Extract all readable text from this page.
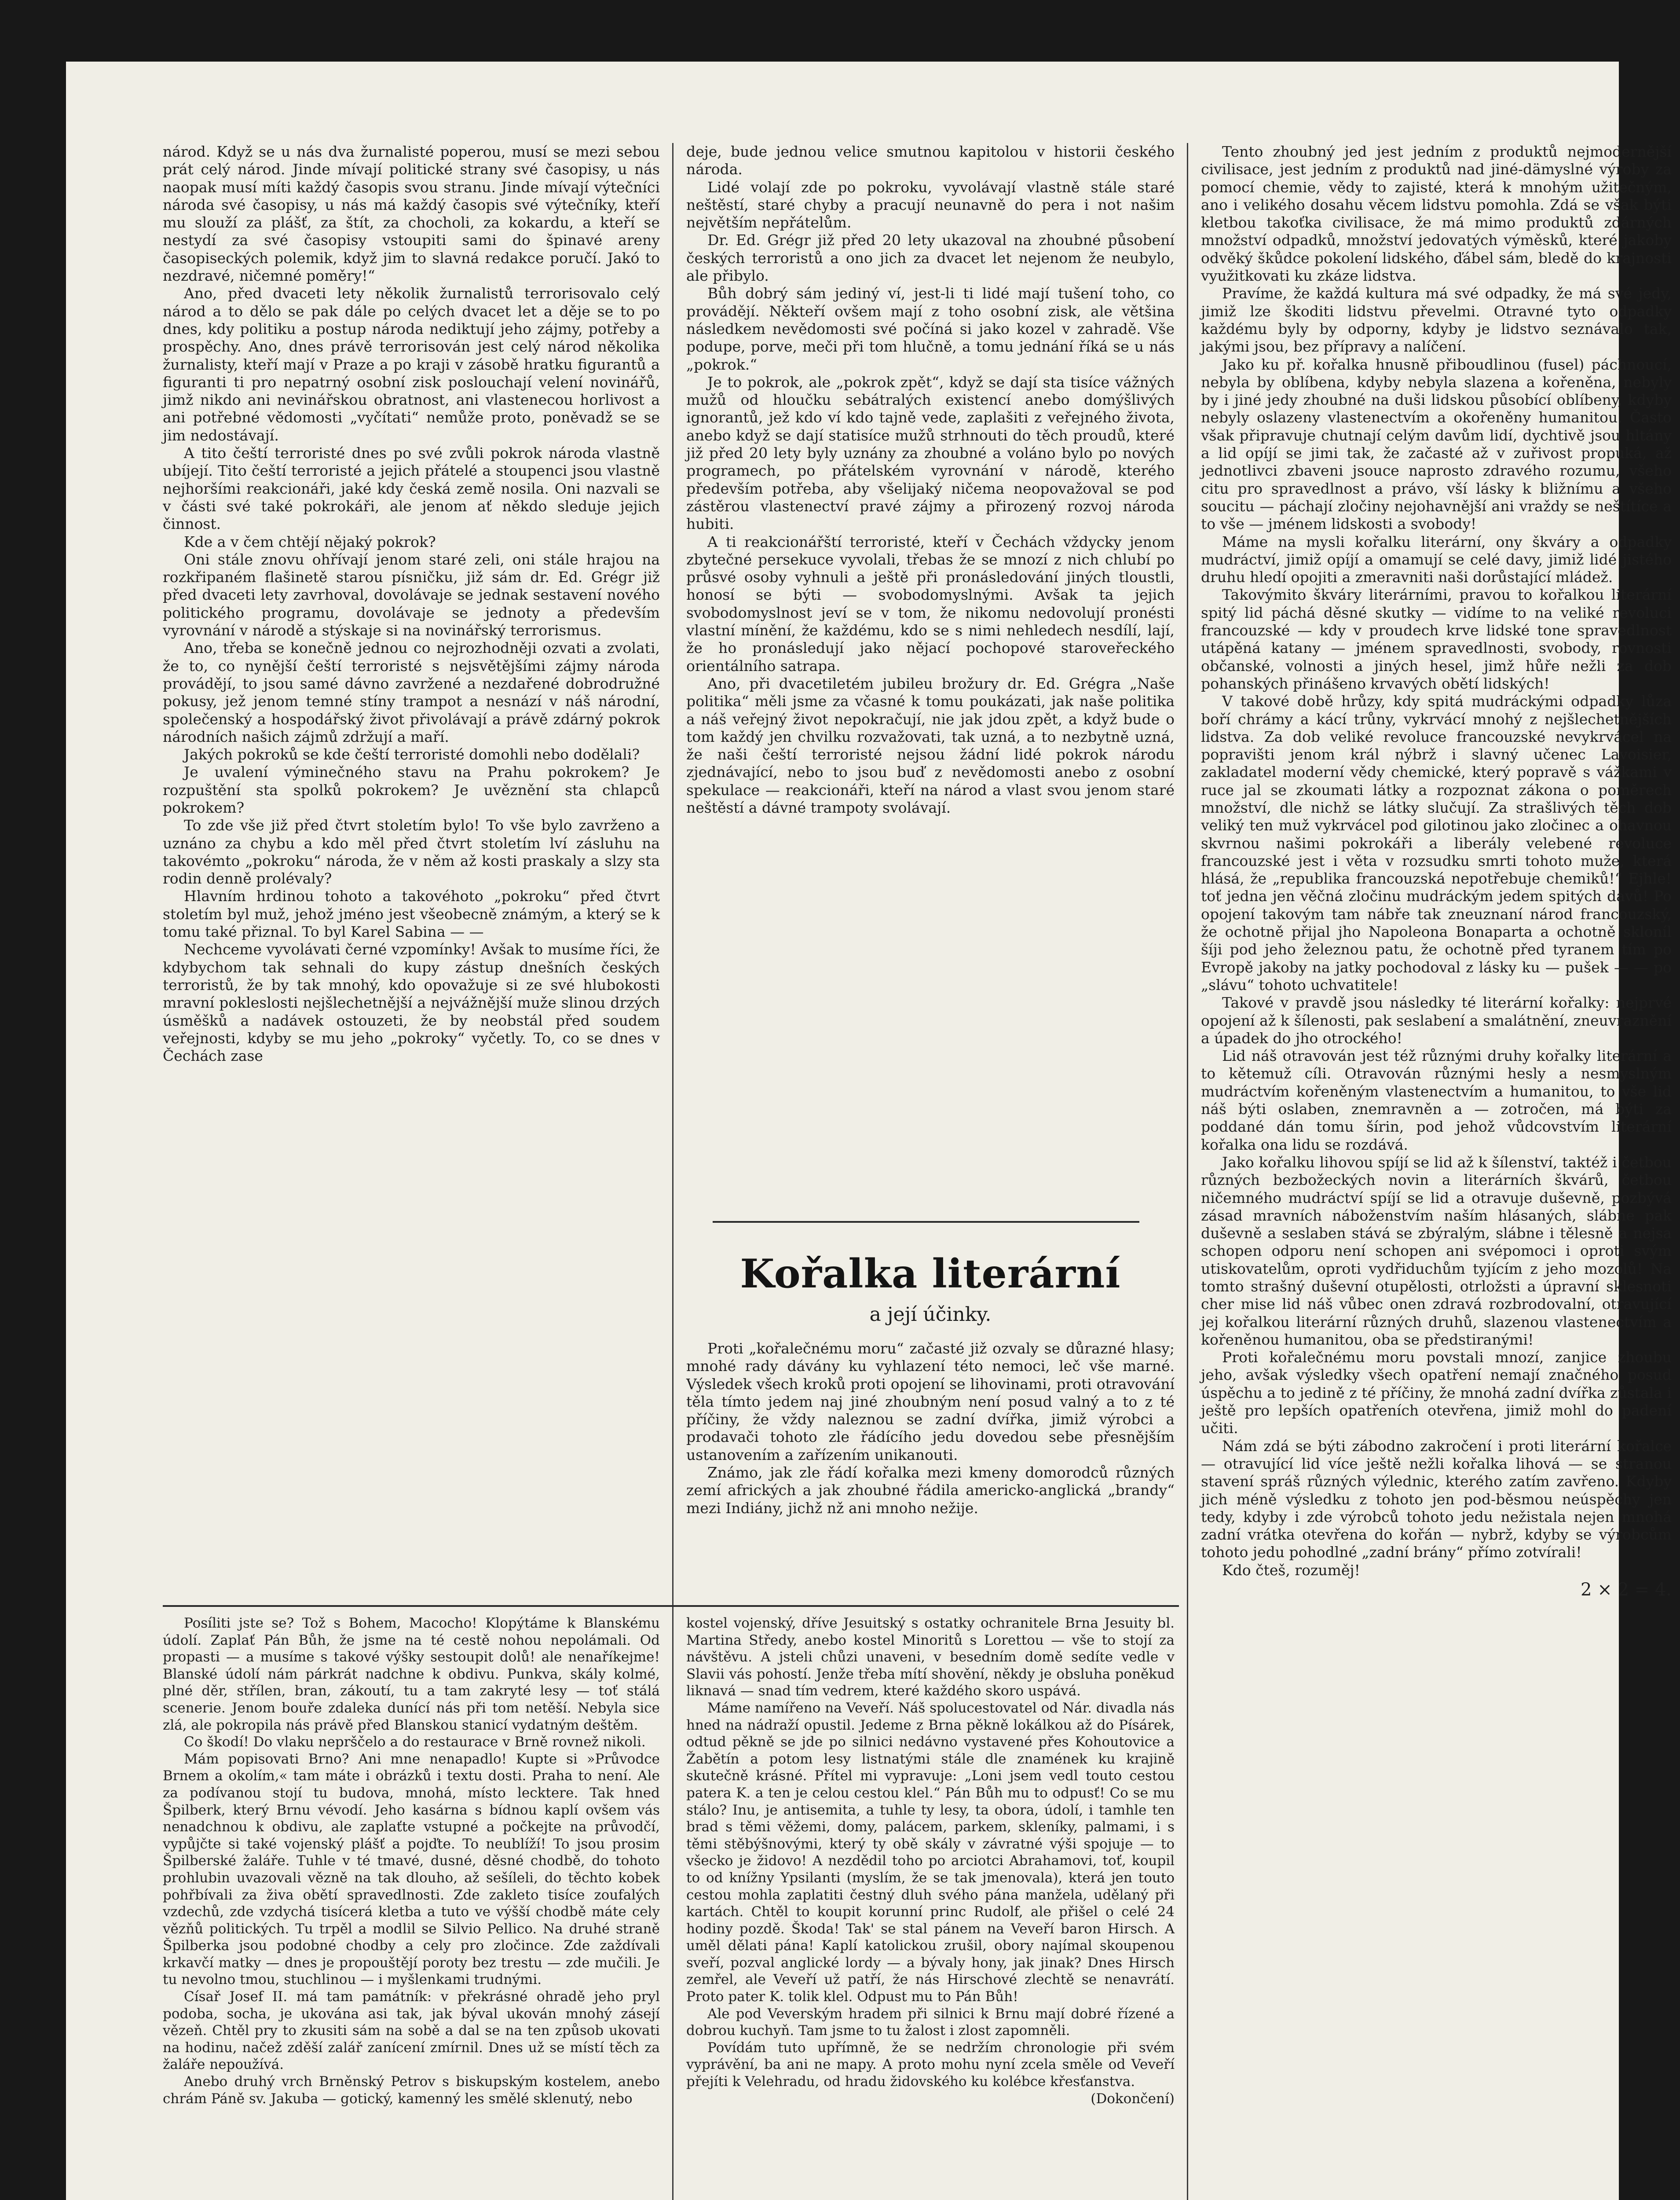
národ. Když se u nás dva žurnalisté poperou, musí se mezi sebou prát celý národ. Jinde mívají politické strany své časopisy, u nás naopak musí míti každý časopis svou stranu. Jinde mívají výtečníci národa své časopisy, u nás má každý časopis své výtečníky, kteří mu slouží za plášť, za štít, za chocholi, za kokardu, a kteří se nestydí za své časopisy vstoupiti sami do špinavé areny časopiseckých polemik, když jim to slavná redakce poručí. Jakó to nezdravé, ničemné poměry!“

Ano, před dvaceti lety několik žurnalistů terrorisovalo celý národ a to dělo se pak dále po celých dvacet let a děje se to po dnes, kdy politiku a postup národa nediktují jeho zájmy, potřeby a prospěchy. Ano, dnes právě terrorisován jest celý národ několika žurnalisty, kteří mají v Praze a po kraji v zásobě hratku figurantů a figuranti ti pro nepatrný osobní zisk poslouchají velení novinářů, jimž nikdo ani nevinářskou obratnost, ani vlastenecou horlivost a ani potřebné vědomosti „vyčítati“ nemůže proto, poněvadž se se jim nedostávají.

A tito čeští terroristé dnes po své zvůli pokrok národa vlastně ubíjejí. Tito čeští terroristé a jejich přátelé a stoupenci jsou vlastně nejhoršími reakcionáři, jaké kdy česká země nosila. Oni nazvali se v části své také pokrokáři, ale jenom ať někdo sleduje jejich činnost.

Kde a v čem chtějí nějaký pokrok?

Oni stále znovu ohřívají jenom staré zeli, oni stále hrajou na rozkřipaném flašinetě starou písničku, již sám dr. Ed. Grégr již před dvaceti lety zavrhoval, dovolávaje se jednak sestavení nového politického programu, dovolávaje se jednoty a především vyrovnání v národě a stýskaje si na novinářský terrorismus.

Ano, třeba se konečně jednou co nejrozhodněji ozvati a zvolati, že to, co nynější čeští terroristé s nejsvětějšími zájmy národa provádějí, to jsou samé dávno zavržené a nezdařené dobrodružné pokusy, jež jenom temné stíny trampot a nesnází v náš národní, společenský a hospodářský život přivolávají a právě zdárný pokrok národních našich zájmů zdržují a maří.

Jakých pokroků se kde čeští terroristé domohli nebo dodělali?

Je uvalení výminečného stavu na Prahu pokrokem? Je rozpuštění sta spolků pokrokem? Je uvěznění sta chlapců pokrokem?

To zde vše již před čtvrt stoletím bylo! To vše bylo zavrženo a uznáno za chybu a kdo měl před čtvrt stoletím lví zásluhu na takovémto „pokroku“ národa, že v něm až kosti praskaly a slzy sta rodin denně prolévaly?

Hlavním hrdinou tohoto a takovéhoto „pokroku“ před čtvrt stoletím byl muž, jehož jméno jest všeobecně známým, a který se k tomu také přiznal. To byl Karel Sabina — —

Nechceme vyvolávati černé vzpomínky! Avšak to musíme říci, že kdybychom tak sehnali do kupy zástup dnešních českých terroristů, že by tak mnohý, kdo opovažuje si ze své hlubokosti mravní pokleslosti nejšlechetnější a nejvážnější muže slinou drzých úsměšků a nadávek ostouzeti, že by neobstál před soudem veřejnosti, kdyby se mu jeho „pokroky“ vyčetly. To, co se dnes v Čechách zase

deje, bude jednou velice smutnou kapitolou v historii českého národa.

Lidé volají zde po pokroku, vyvolávají vlastně stále staré neštěstí, staré chyby a pracují neunavně do pera i not našim největším nepřátelům.

Dr. Ed. Grégr již před 20 lety ukazoval na zhoubné působení českých terroristů a ono jich za dvacet let nejenom že neubylo, ale přibylo.

Bůh dobrý sám jediný ví, jest-li ti lidé mají tušení toho, co provádějí. Někteří ovšem mají z toho osobní zisk, ale většina následkem nevědomosti své počíná si jako kozel v zahradě. Vše podupe, porve, meči při tom hlučně, a tomu jednání říká se u nás „pokrok.“

Je to pokrok, ale „pokrok zpět“, když se dají sta tisíce vážných mužů od hloučku sebátralých existencí anebo domýšlivých ignorantů, jež kdo ví kdo tajně vede, zaplašiti z veřejného života, anebo když se dají statisíce mužů strhnouti do těch proudů, které již před 20 lety byly uznány za zhoubné a voláno bylo po nových programech, po přátelském vyrovnání v národě, kterého především potřeba, aby všelijaký ničema neopovažoval se pod zástěrou vlastenectví pravé zájmy a přirozený rozvoj národa hubiti.

A ti reakcionářští terroristé, kteří v Čechách vždycky jenom zbytečné persekuce vyvolali, třebas že se mnozí z nich chlubí po průsvé osoby vyhnuli a ještě při pronásledování jiných tloustli, honosí se býti — svobodomyslnými. Avšak ta jejich svobodomyslnost jeví se v tom, že nikomu nedovolují pronésti vlastní mínění, že každému, kdo se s nimi nehledech nesdílí, lají, že ho pronásledují jako nějací pochopové staroveřeckého orientálního satrapa.

Ano, při dvacetiletém jubileu brožury dr. Ed. Grégra „Naše politika“ měli jsme za včasné k tomu poukázati, jak naše politika a náš veřejný život nepokračují, nie jak jdou zpět, a když bude o tom každý jen chvilku rozvažovati, tak uzná, a to nezbytně uzná, že naši čeští terroristé nejsou žádní lidé pokrok národu zjednávající, nebo to jsou buď z nevědomosti anebo z osobní spekulace — reakcionáři, kteří na národ a vlast svou jenom staré neštěstí a dávné trampoty svolávají.

Kořalka literární
a její účinky.

Proti „kořalečnému moru“ začasté již ozvaly se důrazné hlasy; mnohé rady dávány ku vyhlazení této nemoci, leč vše marné. Výsledek všech kroků proti opojení se lihovinami, proti otravování těla tímto jedem naj jiné zhoubným není posud valný a to z té příčiny, že vždy naleznou se zadní dvířka, jimiž výrobci a prodavači tohoto zle řádícího jedu dovedou sebe přesnějším ustanovením a zařízením unikanouti.

Známo, jak zle řádí kořalka mezi kmeny domorodců různých zemí afrických a jak zhoubné řádila americko-anglická „brandy“ mezi Indiány, jichž nž ani mnoho nežije.

Tento zhoubný jed jest jedním z produktů nejmodernější civilisace, jest jedním z produktů nad jiné-dämyslné výroby za pomocí chemie, vědy to zajisté, která k mnohým užitečným, ano i velikého dosahu věcem lidstvu pomohla. Zdá se však býti kletbou takoťka civilisace, že má mimo produktů zdárných množství odpadků, množství jedovatých výměsků, které jakoby odvěký škůdce pokolení lidského, ďábel sám, bledě do krajnosti využitkovati ku zkáze lidstva.

Pravíme, že každá kultura má své odpadky, že má své jedy, jimiž lze škoditi lidstvu převelmi. Otravné tyto odpadky každému byly by odporny, kdyby je lidstvo seznávalo tak, jakými jsou, bez přípravy a nalíčení.

Jako ku př. kořalka hnusně přiboudlinou (fusel) páchnoucí, nebyla by oblíbena, kdyby nebyla slazena a kořeněna, nebyly by i jiné jedy zhoubné na duši lidskou působící oblíbeny, kdyby nebyly oslazeny vlastenectvím a okořeněny humanitou. Často však připravuje chutnají celým davům lidí, dychtivě jsou hltány a lid opíjí se jimi tak, že začasté až v zuřivost propuká, až jednotlivci zbaveni jsouce naprosto zdravého rozumu, všeho citu pro spravedlnost a právo, vší lásky k bližnímu a všeho soucitu — páchají zločiny nejohavnější ani vraždy se neštítíce a to vše — jménem lidskosti a svobody!

Máme na mysli kořalku literární, ony škváry a odpadky mudráctví, jimiž opíjí a omamují se celé davy, jimiž lidé jistého druhu hledí opojiti a zmeravniti naši dorůstající mládež.

Takovýmito škváry literárními, pravou to kořalkou literární spitý lid páchá děsné skutky — vidíme to na veliké revoluci francouzské — kdy v proudech krve lidské tone spravedlnost utápěná katany — jménem spravedlnosti, svobody, rovnosti občanské, volnosti a jiných hesel, jimž hůře nežli za dob pohanských přinášeno krvavých obětí lidských!

V takové době hrůzy, kdy spitá mudráckými odpadky lůza boří chrámy a kácí trůny, vykrvácí mnohý z nejšlechetnějších lidstva. Za dob veliké revoluce francouzské nevykrvácel na popravišti jenom král nýbrž i slavný učenec Lavoisier, zakladatel moderní vědy chemické, který popravě s vážkami v ruce jal se zkoumati látky a rozpoznat zákona o poměrech množství, dle nichž se látky slučují. Za strašlivých těch dob veliký ten muž vykrvácel pod gilotinou jako zločinec a ohavnou skvrnou našimi pokrokáři a liberály velebené revoluce francouzské jest i věta v rozsudku smrti tohoto muže, která hlásá, že „republika francouzská nepotřebuje chemiků!“ Ejhle! toť jedna jen věčná zločinu mudráckým jedem spitých davů! Po opojení takovým tam nábře tak zneuznaní národ francouzský, že ochotně přijal jho Napoleona Bonaparta a ochotně skloníl šíji pod jeho železnou patu, že ochotně před tyranem tím po Evropě jakoby na jatky pochodoval z lásky ku — pušek — — po „slávu“ tohoto uchvatitele!

Takové v pravdě jsou následky té literární kořalky: nejprvé opojení až k šílenosti, pak seslabení a smalátnění, zneuvraznění a úpadek do jho otrockého!

Lid náš otravován jest též různými druhy kořalky literární a to kětemuž cíli. Otravován různými hesly a nesmyslným mudráctvím kořeněným vlastenectvím a humanitou, to vše lid náš býti oslaben, znemravněn a — zotročen, má býti za poddané dán tomu šírin, pod jehož vůdcovstvím literární kořalka ona lidu se rozdává.

Jako kořalku lihovou spíjí se lid až k šílenství, taktéž i četbou různých bezbožeckých novin a literárních škvárů, četbou ničemného mudráctví spíjí se lid a otravuje duševně, pozbývá zásad mravních náboženstvím naším hlásaných, slábne pak duševně a seslaben stává se zbýralým, slábne i tělesně a nejsa schopen odporu není schopen ani svépomoci i oproti svým utiskovatelům, oproti vydřiduchům tyjícím z jeho mozolů! Na tomto strašný duševní otupělosti, otrložsti a úpravní sklesnoti cher mise lid náš vůbec onen zdravá rozbrodovalní, otravující jej kořalkou literární různých druhů, slazenou vlastenectvím a kořeněnou humanitou, oba se předstiranými!

Proti kořalečnému moru povstali mnozí, zanjice zhoubu jeho, avšak výsledky všech opatření nemají značného posud úspěchu a to jedině z té příčiny, že mnohá zadní dvířka zůstala i ještě pro lepších opatřeních otevřena, jimiž mohl do padení učiti.

Nám zdá se býti zábodno zakročení i proti literární kořalce — otravující lid více ještě nežli kořalka lihová — se stranou stavení spráš různých výlednic, kterého zatím zavřeno. Kdyby jich méně výsledku z tohoto jen pod-běsmou neúspěchy jen tedy, kdyby i zde výrobců tohoto jedu nežistala nejen mnohá zadní vrátka otevřena do kořán — nybrž, kdyby se výrobcům tohoto jedu pohodlné „zadní brány“ přímo zotvírali!

Kdo čteš, rozuměj!

2 × 2 = 4.

Posíliti jste se? Tož s Bohem, Macocho! Klopýtáme k Blanskému údolí. Zaplať Pán Bůh, že jsme na té cestě nohou nepolámali. Od propasti — a musíme s takové výšky sestoupit dolů! ale nenaříkejme! Blanské údolí nám párkrát nadchne k obdivu. Punkva, skály kolmé, plné děr, střílen, bran, zákoutí, tu a tam zakryté lesy — toť stálá scenerie. Jenom bouře zdaleka dunící nás při tom netěší. Nebyla sice zlá, ale pokropila nás právě před Blanskou stanicí vydatným deštěm.

Co škodí! Do vlaku neprščelo a do restaurace v Brně rovnež nikoli.

Mám popisovati Brno? Ani mne nenapadlo! Kupte si »Průvodce Brnem a okolím,« tam máte i obrázků i textu dosti. Praha to není. Ale za podívanou stojí tu budova, mnohá, místo lecktere. Tak hned Špilberk, který Brnu vévodí. Jeho kasárna s bídnou kaplí ovšem vás nenadchnou k obdivu, ale zaplaťte vstupné a počkejte na průvodčí, vypůjčte si také vojenský plášť a pojďte. To neublíží! To jsou prosim Špilberské žaláře. Tuhle v té tmavé, dusné, děsné chodbě, do tohoto prohlubin uvazovali vězně na tak dlouho, až sešíleli, do těchto kobek pohřbívali za živa obětí spravedlnosti. Zde zakleto tisíce zoufalých vzdechů, zde vzdychá tisícerá kletba a tuto ve výšší chodbě máte cely vězňů politických. Tu trpěl a modlil se Silvio Pellico. Na druhé straně Špilberka jsou podobné chodby a cely pro zločince. Zde zaždívali krkavčí matky — dnes je propouštějí poroty bez trestu — zde mučili. Je tu nevolno tmou, stuchlinou — i myšlenkami trudnými.

Císař Josef II. má tam památník: v překrásné ohradě jeho pryl podoba, socha, je ukována asi tak, jak býval ukován mnohý zásejí vězeň. Chtěl pry to zkusiti sám na sobě a dal se na ten způsob ukovati na hodinu, načež zděší zalář zanícení zmírnil. Dnes už se místí těch za žaláře nepoužívá.

Anebo druhý vrch Brněnský Petrov s biskupským kostelem, anebo chrám Páně sv. Jakuba — gotický, kamenný les smělé sklenutý, nebo

kostel vojenský, dříve Jesuitský s ostatky ochranitele Brna Jesuity bl. Martina Středy, anebo kostel Minoritů s Lorettou — vše to stojí za návštěvu. A jsteli chůzi unaveni, v besedním domě sedíte vedle v Slavii vás pohostí. Jenže třeba mítí shovění, někdy je obsluha poněkud liknavá — snad tím vedrem, které každého skoro uspává.

Máme namířeno na Veveří. Náš spolucestovatel od Nár. divadla nás hned na nádraží opustil. Jedeme z Brna pěkně lokálkou až do Písárek, odtud pěkně se jde po silnici nedávno vystavené přes Kohoutovice a Žabětín a potom lesy listnatými stále dle znamének ku krajině skutečně krásné. Přítel mi vypravuje: „Loni jsem vedl touto cestou patera K. a ten je celou cestou klel.“ Pán Bůh mu to odpusť! Co se mu stálo? Inu, je antisemita, a tuhle ty lesy, ta obora, údolí, i tamhle ten brad s těmi věžemi, domy, palácem, parkem, skleníky, palmami, i s těmi stěbýšnovými, který ty obě skály v závratné výši spojuje — to všecko je židovo! A nezdědil toho po arciotci Abrahamovi, toť, koupil to od knížny Ypsilanti (myslím, že se tak jmenovala), která jen touto cestou mohla zaplatiti čestný dluh svého pána manžela, udělaný při kartách. Chtěl to koupit korunní princ Rudolf, ale přišel o celé 24 hodiny pozdě. Škoda! Tak' se stal pánem na Veveří baron Hirsch. A uměl dělati pána! Kaplí katolickou zrušil, obory najímal skoupenou sveří, pozval anglické lordy — a bývaly hony, jak jinak? Dnes Hirsch zemřel, ale Veveří už patří, že nás Hirschové zlechtě se nenavrátí. Proto pater K. tolik klel. Odpust mu to Pán Bůh!

Ale pod Veverským hradem při silnici k Brnu mají dobré řízené a dobrou kuchyň. Tam jsme to tu žalost i zlost zapomněli.

Povídám tuto upřímně, že se nedržím chronologie při svém vyprávění, ba ani ne mapy. A proto mohu nyní zcela směle od Veveří přejíti k Velehradu, od hradu židovského ku kolébce křesťanstva.

(Dokončení)
